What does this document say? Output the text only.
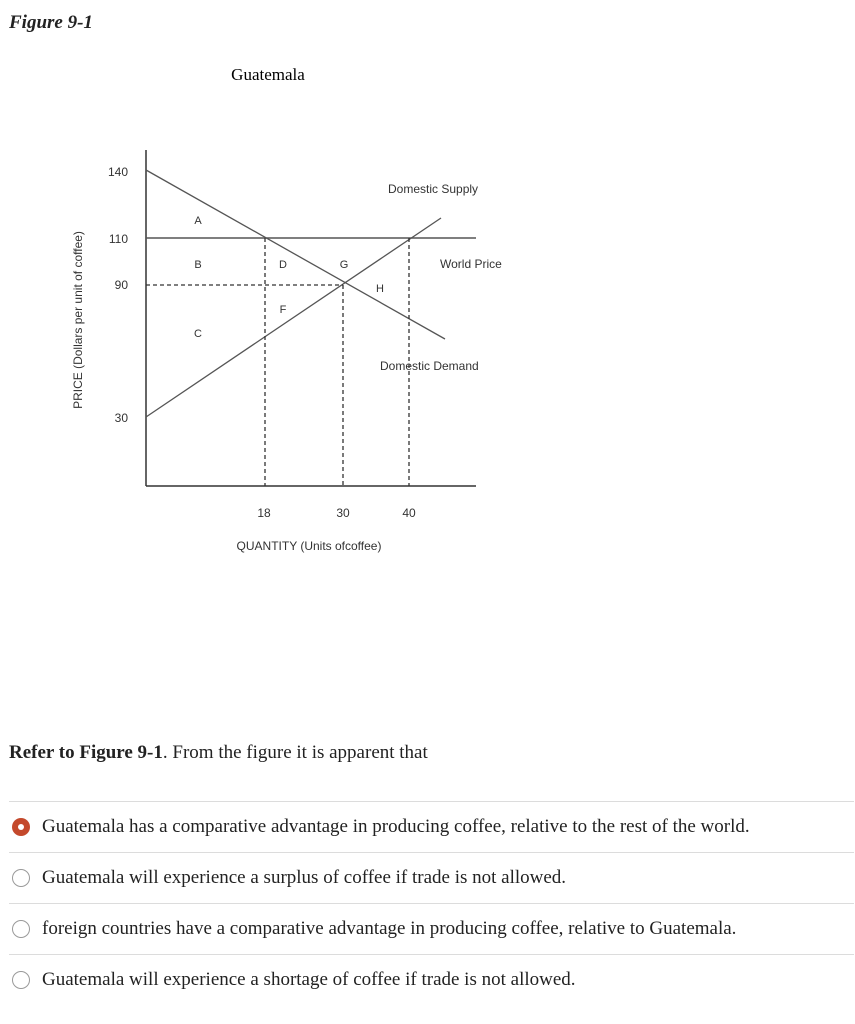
Figure 9-1
Guatemala
140
110
90
30
18	30	40
QUANTITY (Units ofcoffee)
PRICE (Dollars per unit of coffee)
Domestic Supply
World Price
Domestic Demand
A
B
C
D
F
G
H
Refer to Figure 9-1. From the figure it is apparent that
Guatemala has a comparative advantage in producing coffee, relative to the rest of the world.
Guatemala will experience a surplus of coffee if trade is not allowed.
foreign countries have a comparative advantage in producing coffee, relative to Guatemala.
Guatemala will experience a shortage of coffee if trade is not allowed.
